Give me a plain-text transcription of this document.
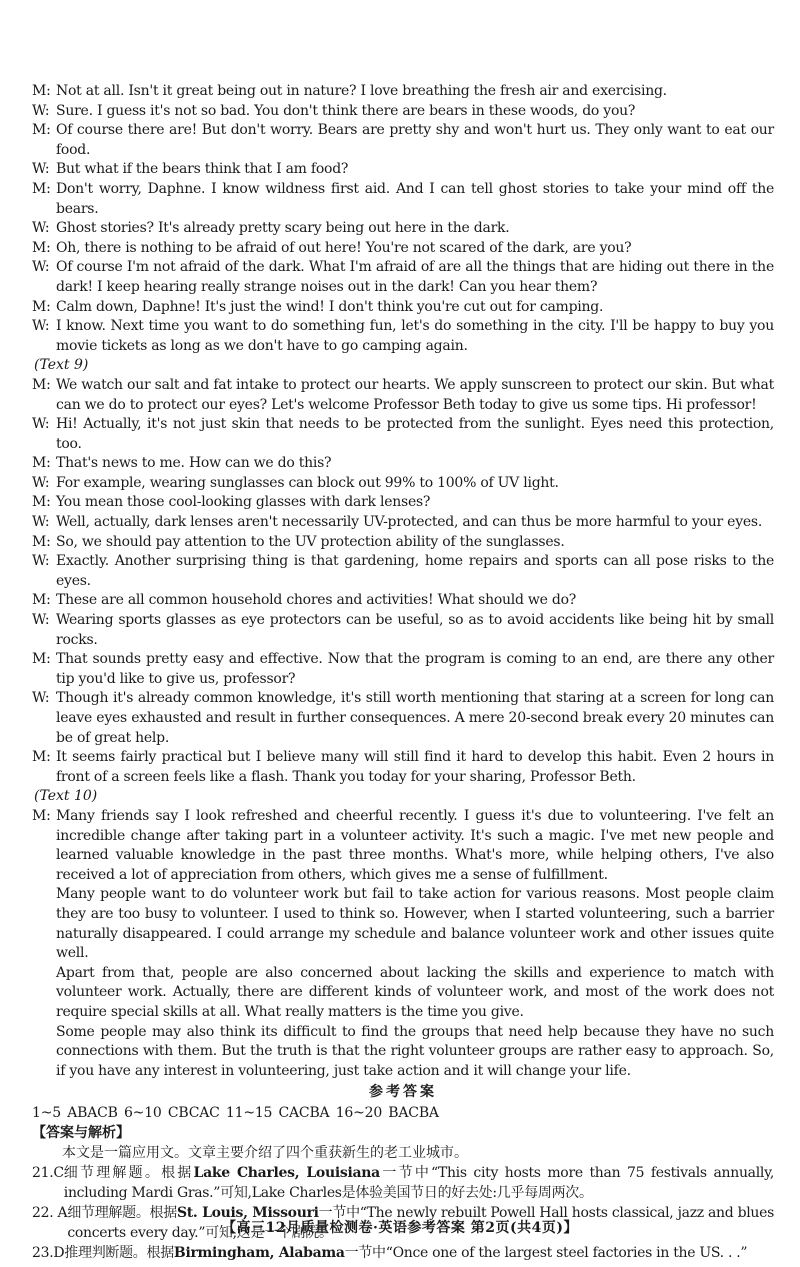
M: Not at all. Isn't it great being out in nature? I love breathing the fresh air and exercising.

W: Sure. I guess it's not so bad. You don't think there are bears in these woods, do you?

M: Of course there are! But don't worry. Bears are pretty shy and won't hurt us. They only want to eat our food.

W: But what if the bears think that I am food?

M: Don't worry, Daphne. I know wildness first aid. And I can tell ghost stories to take your mind off the bears.

W: Ghost stories? It's already pretty scary being out here in the dark.

M: Oh, there is nothing to be afraid of out here! You're not scared of the dark, are you?

W: Of course I'm not afraid of the dark. What I'm afraid of are all the things that are hiding out there in the dark! I keep hearing really strange noises out in the dark! Can you hear them?

M: Calm down, Daphne! It's just the wind! I don't think you're cut out for camping.

W: I know. Next time you want to do something fun, let's do something in the city. I'll be happy to buy you movie tickets as long as we don't have to go camping again.

(Text 9)
M: We watch our salt and fat intake to protect our hearts. We apply sunscreen to protect our skin. But what can we do to protect our eyes? Let's welcome Professor Beth today to give us some tips. Hi professor!

W: Hi! Actually, it's not just skin that needs to be protected from the sunlight. Eyes need this protection, too.

M: That's news to me. How can we do this?

W: For example, wearing sunglasses can block out 99% to 100% of UV light.

M: You mean those cool-looking glasses with dark lenses?

W: Well, actually, dark lenses aren't necessarily UV-protected, and can thus be more harmful to your eyes.

M: So, we should pay attention to the UV protection ability of the sunglasses.

W: Exactly. Another surprising thing is that gardening, home repairs and sports can all pose risks to the eyes.

M: These are all common household chores and activities! What should we do?

W: Wearing sports glasses as eye protectors can be useful, so as to avoid accidents like being hit by small rocks.

M: That sounds pretty easy and effective. Now that the program is coming to an end, are there any other tip you'd like to give us, professor?

W: Though it's already common knowledge, it's still worth mentioning that staring at a screen for long can leave eyes exhausted and result in further consequences. A mere 20-second break every 20 minutes can be of great help.

M: It seems fairly practical but I believe many will still find it hard to develop this habit. Even 2 hours in front of a screen feels like a flash. Thank you today for your sharing, Professor Beth.

(Text 10)
M: Many friends say I look refreshed and cheerful recently. I guess it's due to volunteering. I've felt an incredible change after taking part in a volunteer activity. It's such a magic. I've met new people and learned valuable knowledge in the past three months. What's more, while helping others, I've also received a lot of appreciation from others, which gives me a sense of fulfillment.

Many people want to do volunteer work but fail to take action for various reasons. Most people claim they are too busy to volunteer. I used to think so. However, when I started volunteering, such a barrier naturally disappeared. I could arrange my schedule and balance volunteer work and other issues quite well.

Apart from that, people are also concerned about lacking the skills and experience to match with volunteer work. Actually, there are different kinds of volunteer work, and most of the work does not require special skills at all. What really matters is the time you give.

Some people may also think its difficult to find the groups that need help because they have no such connections with them. But the truth is that the right volunteer groups are rather easy to approach. So, if you have any interest in volunteering, just take action and it will change your life.

参考答案
1~5 ABACB 6~10 CBCAC 11~15 CACBA 16~20 BACBA
【答案与解析】
本文是一篇应用文。文章主要介绍了四个重获新生的老工业城市。
21.C 细节理解题。根据Lake Charles, Louisiana一节中“This city hosts more than 75 festivals annually, including Mardi Gras.”可知,Lake Charles是体验美国节日的好去处:几乎每周两次。

22. A 细节理解题。根据St. Louis, Missouri一节中“The newly rebuilt Powell Hall hosts classical, jazz and blues concerts every day.”可知,这是一个剧院。

23.D 推理判断题。根据Birmingham, Alabama一节中“Once one of the largest steel factories in the US. . .”

【高三12月质量检测卷·英语参考答案 第2页(共4页)】
